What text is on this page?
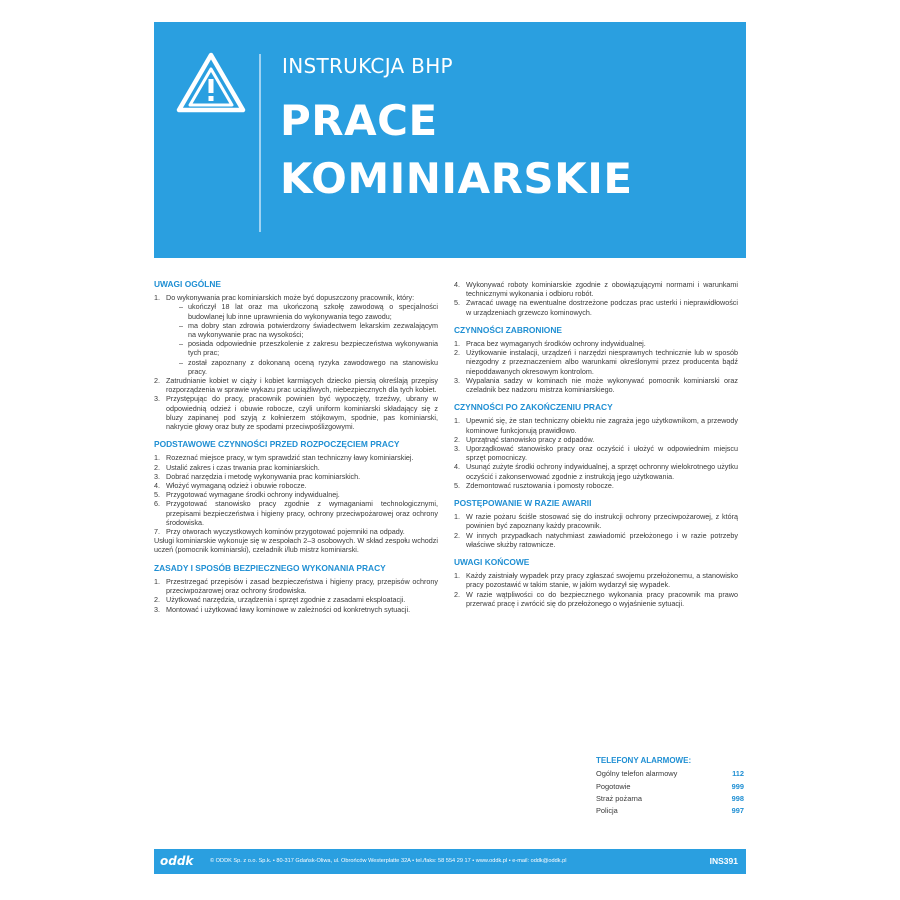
INSTRUKCJA BHP
PRACE
KOMINIARSKIE
UWAGI OGÓLNE
1. Do wykonywania prac kominiarskich może być dopuszczony pracownik, który:
– ukończył 18 lat oraz ma ukończoną szkołę zawodową o specjalności budowlanej lub inne uprawnienia do wykonywania tego zawodu;
– ma dobry stan zdrowia potwierdzony świadectwem lekarskim zezwalającym na wykonywanie prac na wysokości;
– posiada odpowiednie przeszkolenie z zakresu bezpieczeństwa wykonywania tych prac;
– został zapoznany z dokonaną oceną ryzyka zawodowego na stanowisku pracy.
2. Zatrudnianie kobiet w ciąży i kobiet karmiących dziecko piersią określają przepisy rozporządzenia w sprawie wykazu prac uciążliwych, niebezpiecznych dla tych kobiet.
3. Przystępując do pracy, pracownik powinien być wypoczęty, trzeźwy, ubrany w odpowiednią odzież i obuwie robocze, czyli uniform kominiarski składający się z bluzy zapinanej pod szyją z kołnierzem stójkowym, spodnie, pas kominiarski, nakrycie głowy oraz buty ze spodami przeciwpoślizgowymi.
PODSTAWOWE CZYNNOŚCI PRZED ROZPOCZĘCIEM PRACY
1. Rozeznać miejsce pracy, w tym sprawdzić stan techniczny ławy kominiarskiej.
2. Ustalić zakres i czas trwania prac kominiarskich.
3. Dobrać narzędzia i metodę wykonywania prac kominiarskich.
4. Włożyć wymaganą odzież i obuwie robocze.
5. Przygotować wymagane środki ochrony indywidualnej.
6. Przygotować stanowisko pracy zgodnie z wymaganiami technologicznymi, przepisami bezpieczeństwa i higieny pracy, ochrony przeciwpożarowej oraz ochrony środowiska.
7. Przy otworach wyczystkowych kominów przygotować pojemniki na odpady.
Usługi kominiarskie wykonuje się w zespołach 2–3 osobowych. W skład zespołu wchodzi uczeń (pomocnik kominiarski), czeladnik i/lub mistrz kominiarski.
ZASADY I SPOSÓB BEZPIECZNEGO WYKONANIA PRACY
1. Przestrzegać przepisów i zasad bezpieczeństwa i higieny pracy, przepisów ochrony przeciwpożarowej oraz ochrony środowiska.
2. Użytkować narzędzia, urządzenia i sprzęt zgodnie z zasadami eksploatacji.
3. Montować i użytkować ławy kominowe w zależności od konkretnych sytuacji.
4. Wykonywać roboty kominiarskie zgodnie z obowiązującymi normami i warunkami technicznymi wykonania i odbioru robót.
5. Zwracać uwagę na ewentualne dostrzeżone podczas prac usterki i nieprawidłowości w urządzeniach grzewczo kominowych.
CZYNNOŚCI ZABRONIONE
1. Praca bez wymaganych środków ochrony indywidualnej.
2. Użytkowanie instalacji, urządzeń i narzędzi niesprawnych technicznie lub w sposób niezgodny z przeznaczeniem albo warunkami określonymi przez producenta bądź niepoddawanych okresowym kontrolom.
3. Wypalania sadzy w kominach nie może wykonywać pomocnik kominiarski oraz czeladnik bez nadzoru mistrza kominiarskiego.
CZYNNOŚCI PO ZAKOŃCZENIU PRACY
1. Upewnić się, że stan techniczny obiektu nie zagraża jego użytkownikom, a przewody kominowe funkcjonują prawidłowo.
2. Uprzątnąć stanowisko pracy z odpadów.
3. Uporządkować stanowisko pracy oraz oczyścić i ułożyć w odpowiednim miejscu sprzęt pomocniczy.
4. Usunąć zużyte środki ochrony indywidualnej, a sprzęt ochronny wielokrotnego użytku oczyścić i zakonserwować zgodnie z instrukcją jego użytkowania.
5. Zdemontować rusztowania i pomosty robocze.
POSTĘPOWANIE W RAZIE AWARII
1. W razie pożaru ściśle stosować się do instrukcji ochrony przeciwpożarowej, z którą powinien być zapoznany każdy pracownik.
2. W innych przypadkach natychmiast zawiadomić przełożonego i w razie potrzeby właściwe służby ratownicze.
UWAGI KOŃCOWE
1. Każdy zaistniały wypadek przy pracy zgłaszać swojemu przełożonemu, a stanowisko pracy pozostawić w takim stanie, w jakim wydarzył się wypadek.
2. W razie wątpliwości co do bezpiecznego wykonania pracy pracownik ma prawo przerwać pracę i zwrócić się do przełożonego o wyjaśnienie sytuacji.
TELEFONY ALARMOWE:
Ogólny telefon alarmowy	112
Pogotowie	999
Straż pożarna	998
Policja	997
oddk	© ODDK Sp. z o.o. Sp.k. • 80-317 Gdańsk-Oliwa, ul. Obrońców Westerplatte 32A • tel./faks: 58 554 29 17 • www.oddk.pl • e-mail: oddk@oddk.pl	INS391
